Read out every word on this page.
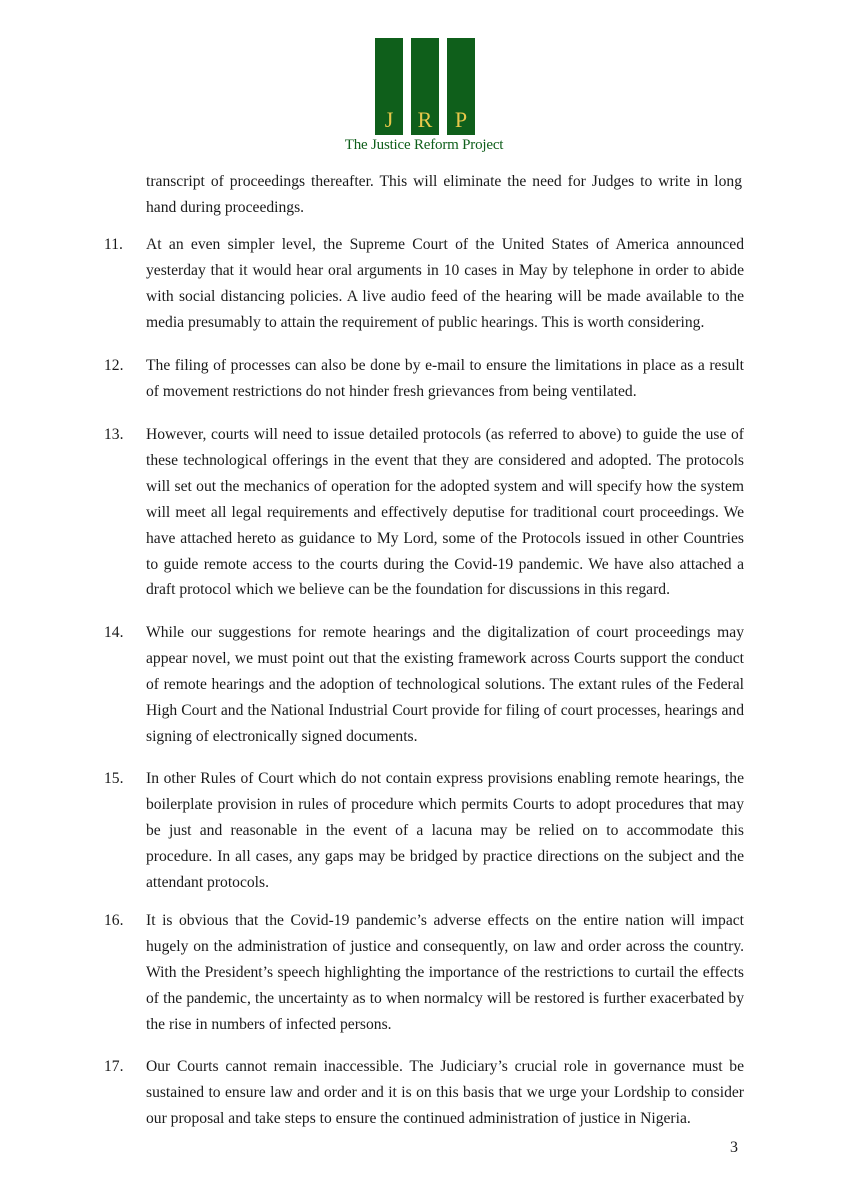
J	R	P
The Justice Reform Project

transcript of proceedings thereafter. This will eliminate the need for Judges to write in long hand during proceedings.

11. At an even simpler level, the Supreme Court of the United States of America announced yesterday that it would hear oral arguments in 10 cases in May by telephone in order to abide with social distancing policies. A live audio feed of the hearing will be made available to the media presumably to attain the requirement of public hearings. This is worth considering.

12. The filing of processes can also be done by e-mail to ensure the limitations in place as a result of movement restrictions do not hinder fresh grievances from being ventilated.

13. However, courts will need to issue detailed protocols (as referred to above) to guide the use of these technological offerings in the event that they are considered and adopted. The protocols will set out the mechanics of operation for the adopted system and will specify how the system will meet all legal requirements and effectively deputise for traditional court proceedings. We have attached hereto as guidance to My Lord, some of the Protocols issued in other Countries to guide remote access to the courts during the Covid-19 pandemic. We have also attached a draft protocol which we believe can be the foundation for discussions in this regard.

14. While our suggestions for remote hearings and the digitalization of court proceedings may appear novel, we must point out that the existing framework across Courts support the conduct of remote hearings and the adoption of technological solutions. The extant rules of the Federal High Court and the National Industrial Court provide for filing of court processes, hearings and signing of electronically signed documents.

15. In other Rules of Court which do not contain express provisions enabling remote hearings, the boilerplate provision in rules of procedure which permits Courts to adopt procedures that may be just and reasonable in the event of a lacuna may be relied on to accommodate this procedure. In all cases, any gaps may be bridged by practice directions on the subject and the attendant protocols.

16. It is obvious that the Covid-19 pandemic’s adverse effects on the entire nation will impact hugely on the administration of justice and consequently, on law and order across the country. With the President’s speech highlighting the importance of the restrictions to curtail the effects of the pandemic, the uncertainty as to when normalcy will be restored is further exacerbated by the rise in numbers of infected persons.

17. Our Courts cannot remain inaccessible. The Judiciary’s crucial role in governance must be sustained to ensure law and order and it is on this basis that we urge your Lordship to consider our proposal and take steps to ensure the continued administration of justice in Nigeria.

3
